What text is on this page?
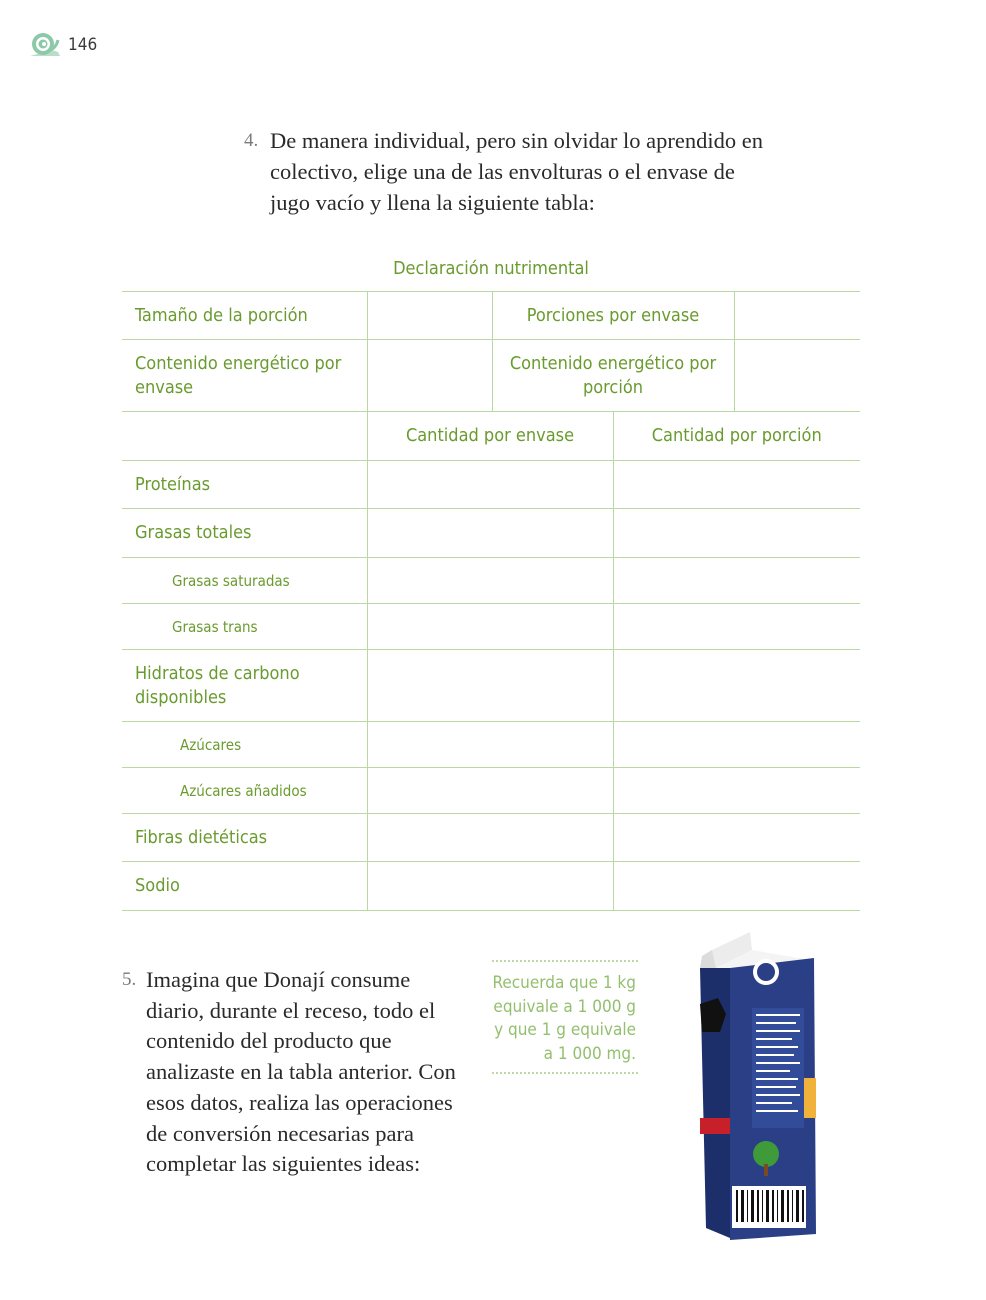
146
4. De manera individual, pero sin olvidar lo aprendido en colectivo, elige una de las envolturas o el envase de jugo vacío y llena la siguiente tabla:
Declaración nutrimental
Tamaño de la porción		Porciones por envase		
Contenido energético por envase		Contenido energético por porción		
	Cantidad por envase		Cantidad por porción	
Proteínas				
Grasas totales				
Grasas saturadas				
Grasas trans				
Hidratos de carbono disponibles				
Azúcares				
Azúcares añadidos				
Fibras dietéticas				
Sodio				
5. Imagina que Donají consume diario, durante el receso, todo el contenido del producto que analizaste en la tabla anterior. Con esos datos, realiza las operaciones de conversión necesarias para completar las siguientes ideas:
Recuerda que 1 kg equivale a 1 000 g y que 1 g equivale a 1 000 mg.
